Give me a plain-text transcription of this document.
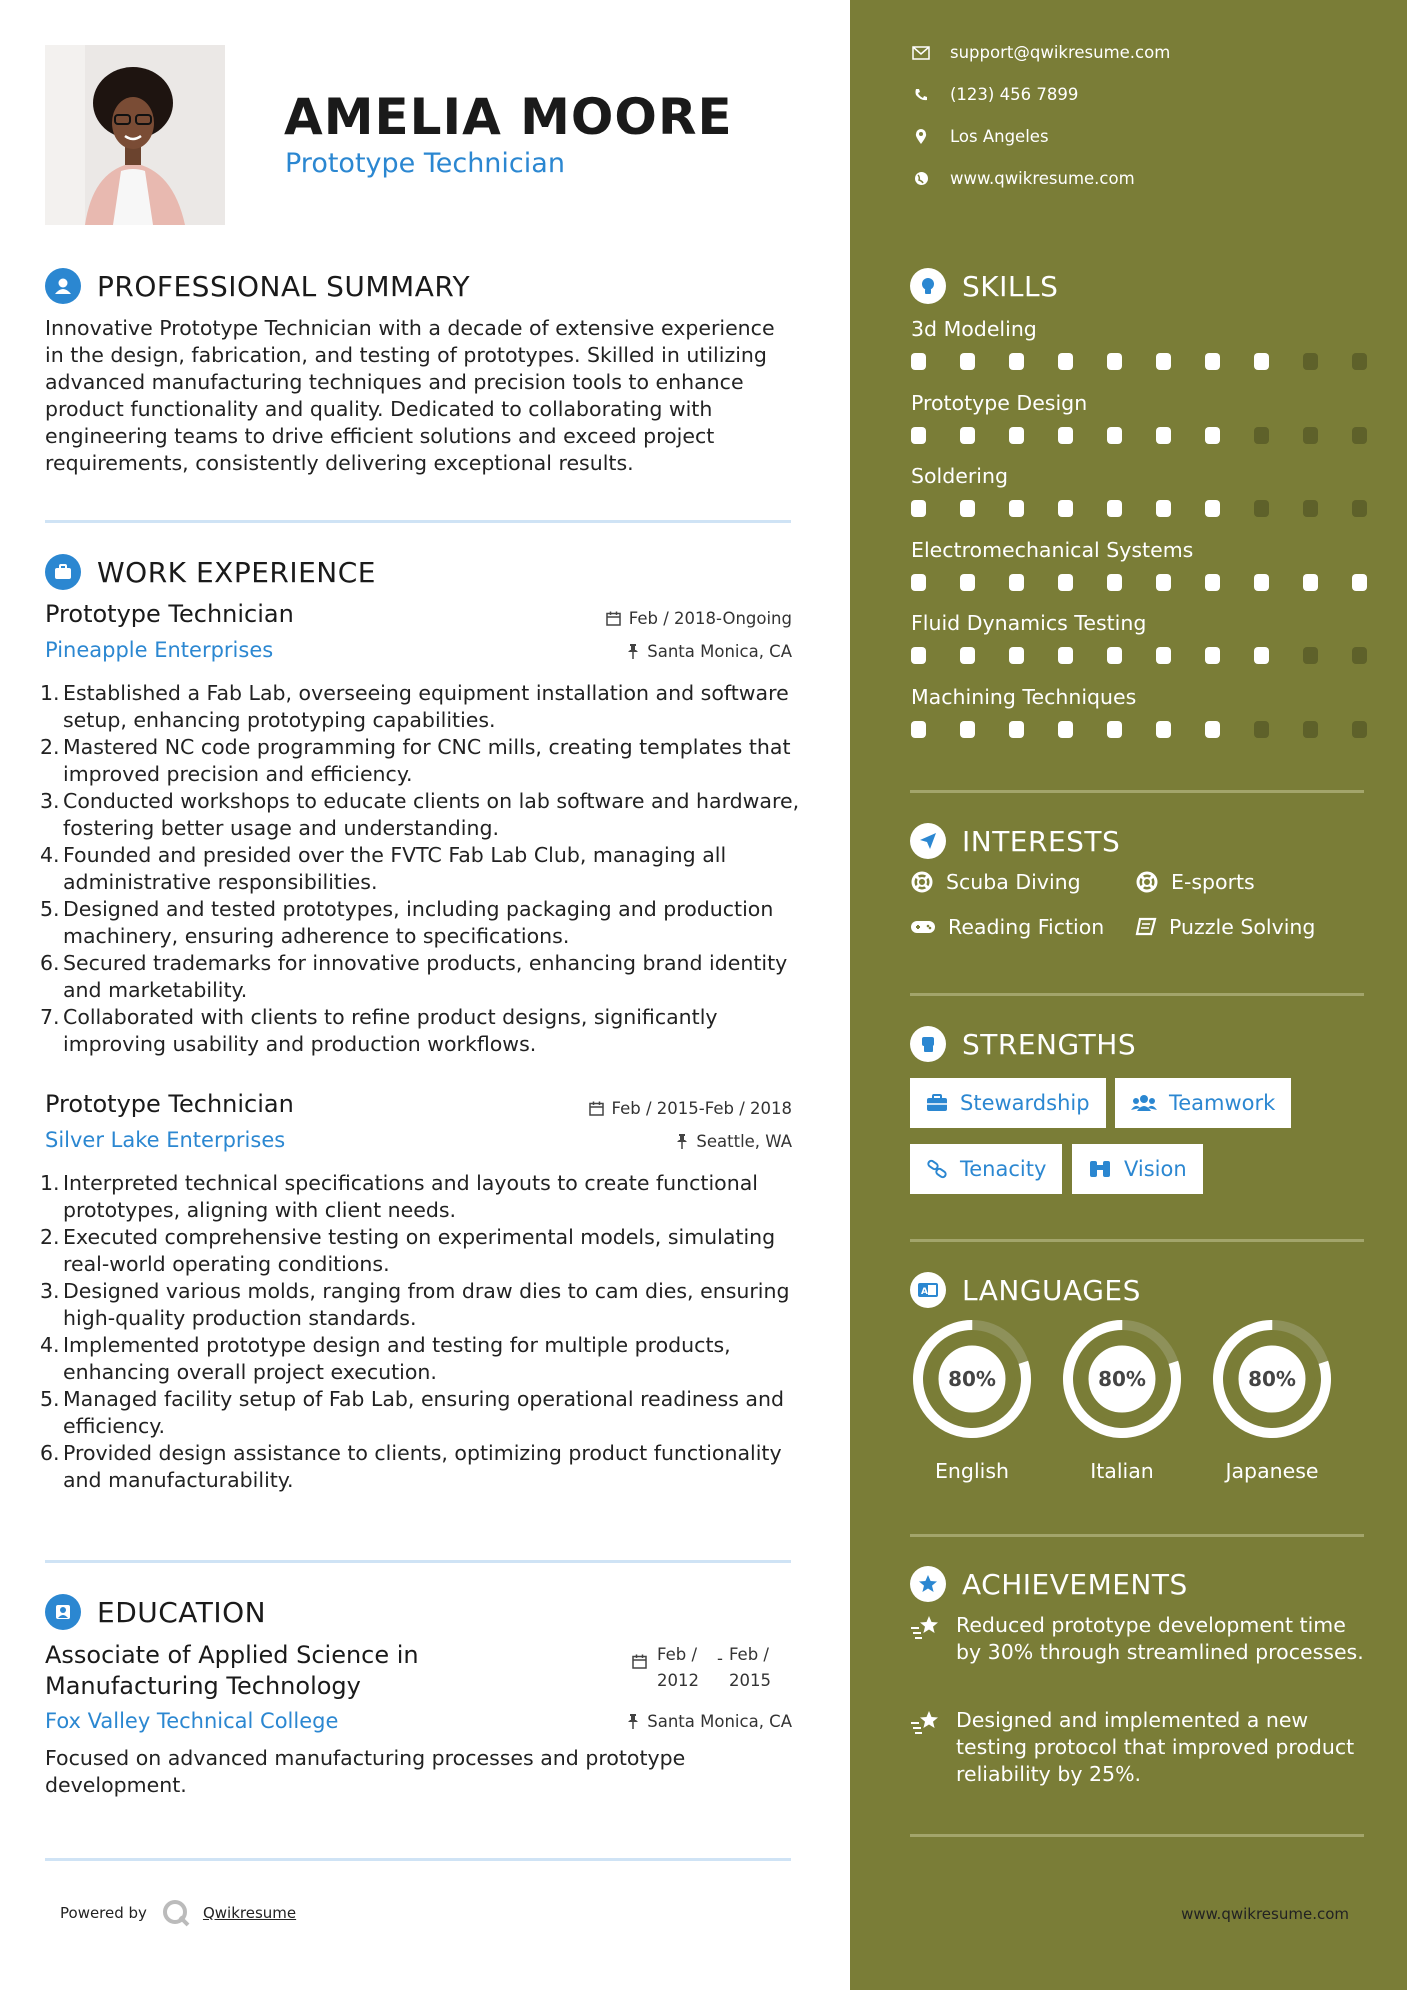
AMELIA MOORE
Prototype Technician
PROFESSIONAL SUMMARY
Innovative Prototype Technician with a decade of extensive experience in the design, fabrication, and testing of prototypes. Skilled in utilizing advanced manufacturing techniques and precision tools to enhance product functionality and quality. Dedicated to collaborating with engineering teams to drive efficient solutions and exceed project requirements, consistently delivering exceptional results.
WORK EXPERIENCE
Prototype Technician	Feb / 2018-Ongoing
Pineapple Enterprises	Santa Monica, CA
1. Established a Fab Lab, overseeing equipment installation and software setup, enhancing prototyping capabilities.
2. Mastered NC code programming for CNC mills, creating templates that improved precision and efficiency.
3. Conducted workshops to educate clients on lab software and hardware, fostering better usage and understanding.
4. Founded and presided over the FVTC Fab Lab Club, managing all administrative responsibilities.
5. Designed and tested prototypes, including packaging and production machinery, ensuring adherence to specifications.
6. Secured trademarks for innovative products, enhancing brand identity and marketability.
7. Collaborated with clients to refine product designs, significantly improving usability and production workflows.
Prototype Technician	Feb / 2015-Feb / 2018
Silver Lake Enterprises	Seattle, WA
1. Interpreted technical specifications and layouts to create functional prototypes, aligning with client needs.
2. Executed comprehensive testing on experimental models, simulating real-world operating conditions.
3. Designed various molds, ranging from draw dies to cam dies, ensuring high-quality production standards.
4. Implemented prototype design and testing for multiple products, enhancing overall project execution.
5. Managed facility setup of Fab Lab, ensuring operational readiness and efficiency.
6. Provided design assistance to clients, optimizing product functionality and manufacturability.
EDUCATION
Associate of Applied Science in
Manufacturing Technology
Feb /
2012
- Feb /
2015
Fox Valley Technical College	Santa Monica, CA
Focused on advanced manufacturing processes and prototype development.
Powered by	Qwikresume
support@qwikresume.com
(123) 456 7899
Los Angeles
www.qwikresume.com
SKILLS
3d Modeling
Prototype Design
Soldering
Electromechanical Systems
Fluid Dynamics Testing
Machining Techniques
INTERESTS
Scuba Diving	E-sports
Reading Fiction	Puzzle Solving
STRENGTHS
Stewardship	Teamwork
Tenacity	Vision
A LANGUAGES
80%
English
80%
Italian
80%
Japanese
ACHIEVEMENTS
Reduced prototype development time by 30% through streamlined processes.
Designed and implemented a new testing protocol that improved product reliability by 25%.
www.qwikresume.com
